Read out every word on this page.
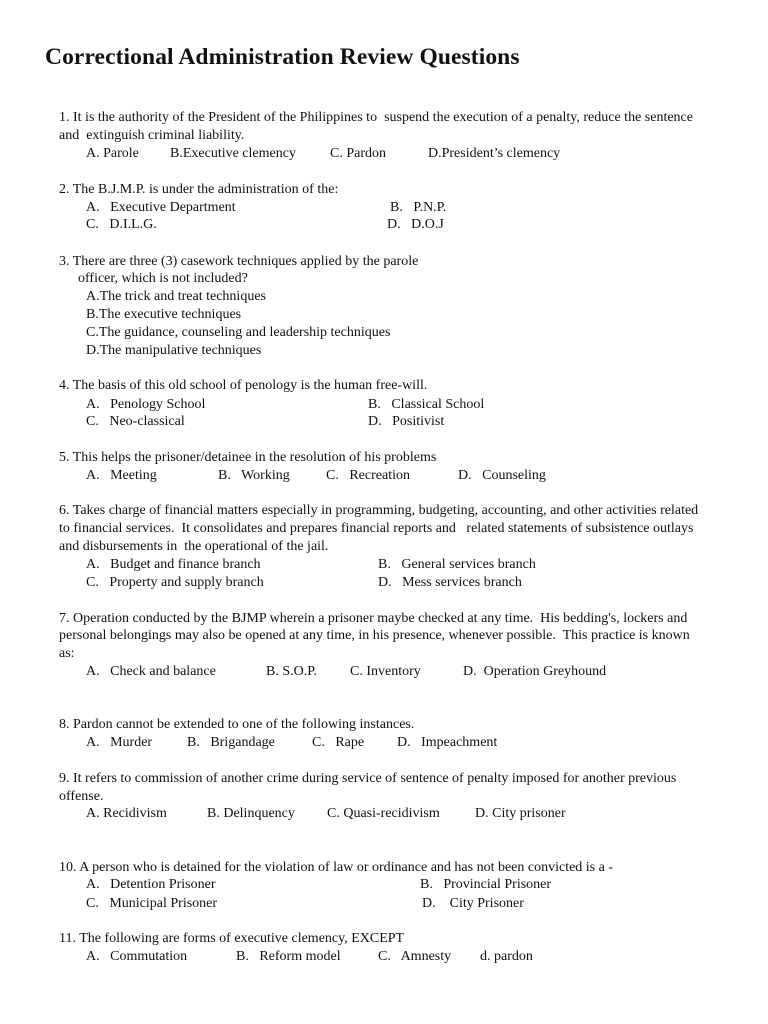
Correctional Administration Review Questions
1. It is the authority of the President of the Philippines to  suspend the execution of a penalty, reduce the sentence
and  extinguish criminal liability.
A. Parole B.Executive clemency C. Pardon	D.President’s clemency
2. The B.J.M.P. is under the administration of the:
A.   Executive Department	B.   P.N.P.
C.   D.I.L.G.	D.   D.O.J
3. There are three (3) casework techniques applied by the parole
officer, which is not included?
A.The trick and treat techniques
B.The executive techniques
C.The guidance, counseling and leadership techniques
D.The manipulative techniques
4. The basis of this old school of penology is the human free-will.
A.   Penology School	B.   Classical School
C.   Neo-classical	D.   Positivist
5. This helps the prisoner/detainee in the resolution of his problems
A.   Meeting	B.   Working	C.   Recreation	D.   Counseling
6. Takes charge of financial matters especially in programming, budgeting, accounting, and other activities related
to financial services.  It consolidates and prepares financial reports and   related statements of subsistence outlays
and disbursements in  the operational of the jail.
A.   Budget and finance branch	B.   General services branch
C.   Property and supply branch	D.   Mess services branch
7. Operation conducted by the BJMP wherein a prisoner maybe checked at any time.  His bedding's, lockers and
personal belongings may also be opened at any time, in his presence, whenever possible.  This practice is known
as:
A.   Check and balance	B. S.O.P. C. Inventory	D.  Operation Greyhound
8. Pardon cannot be extended to one of the following instances.
A.   Murder B.   Brigandage	C.   Rape D.   Impeachment
9. It refers to commission of another crime during service of sentence of penalty imposed for another previous
offense.
A. Recidivism	B. Delinquency C. Quasi-recidivism	D. City prisoner
10. A person who is detained for the violation of law or ordinance and has not been convicted is a -
A.   Detention Prisoner	B.   Provincial Prisoner
C.   Municipal Prisoner	D.    City Prisoner
11. The following are forms of executive clemency, EXCEPT
A.   Commutation	B.   Reform model	C.   Amnesty d. pardon
